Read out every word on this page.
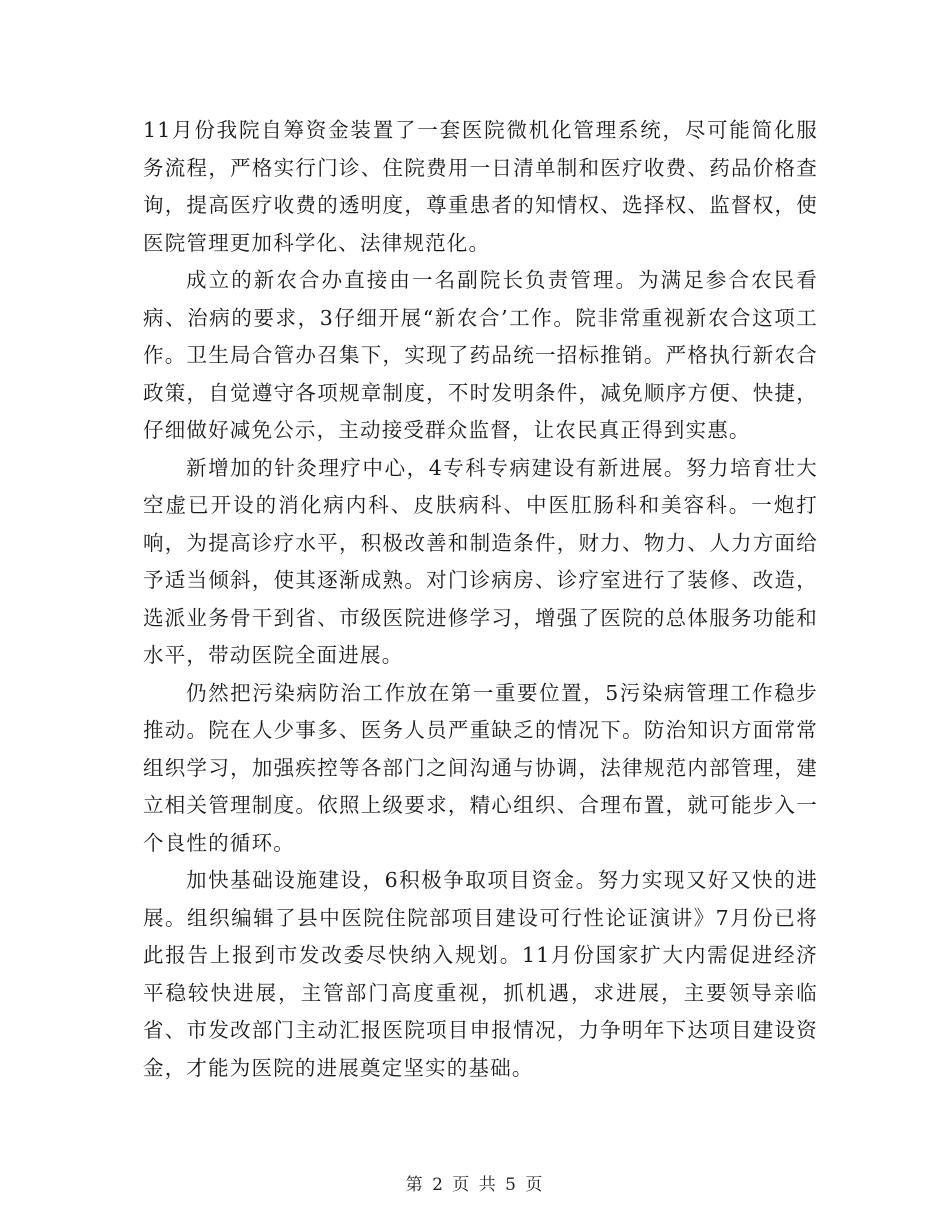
11月份我院自筹资金装置了一套医院微机化管理系统，尽可能简化服务流程，严格实行门诊、住院费用一日清单制和医疗收费、药品价格查询，提高医疗收费的透明度，尊重患者的知情权、选择权、监督权，使医院管理更加科学化、法律规范化。

成立的新农合办直接由一名副院长负责管理。为满足参合农民看病、治病的要求，3仔细开展“新农合’工作。院非常重视新农合这项工作。卫生局合管办召集下，实现了药品统一招标推销。严格执行新农合政策，自觉遵守各项规章制度，不时发明条件，减免顺序方便、快捷，仔细做好减免公示，主动接受群众监督，让农民真正得到实惠。

新增加的针灸理疗中心，4专科专病建设有新进展。努力培育壮大空虚已开设的消化病内科、皮肤病科、中医肛肠科和美容科。一炮打响，为提高诊疗水平，积极改善和制造条件，财力、物力、人力方面给予适当倾斜，使其逐渐成熟。对门诊病房、诊疗室进行了装修、改造，选派业务骨干到省、市级医院进修学习，增强了医院的总体服务功能和水平，带动医院全面进展。

仍然把污染病防治工作放在第一重要位置，5污染病管理工作稳步推动。院在人少事多、医务人员严重缺乏的情况下。防治知识方面常常组织学习，加强疾控等各部门之间沟通与协调，法律规范内部管理，建立相关管理制度。依照上级要求，精心组织、合理布置，就可能步入一个良性的循环。

加快基础设施建设，6积极争取项目资金。努力实现又好又快的进展。组织编辑了县中医院住院部项目建设可行性论证演讲》7月份已将此报告上报到市发改委尽快纳入规划。11月份国家扩大内需促进经济平稳较快进展，主管部门高度重视，抓机遇，求进展，主要领导亲临省、市发改部门主动汇报医院项目申报情况，力争明年下达项目建设资金，才能为医院的进展奠定坚实的基础。

第 2 页 共 5 页
